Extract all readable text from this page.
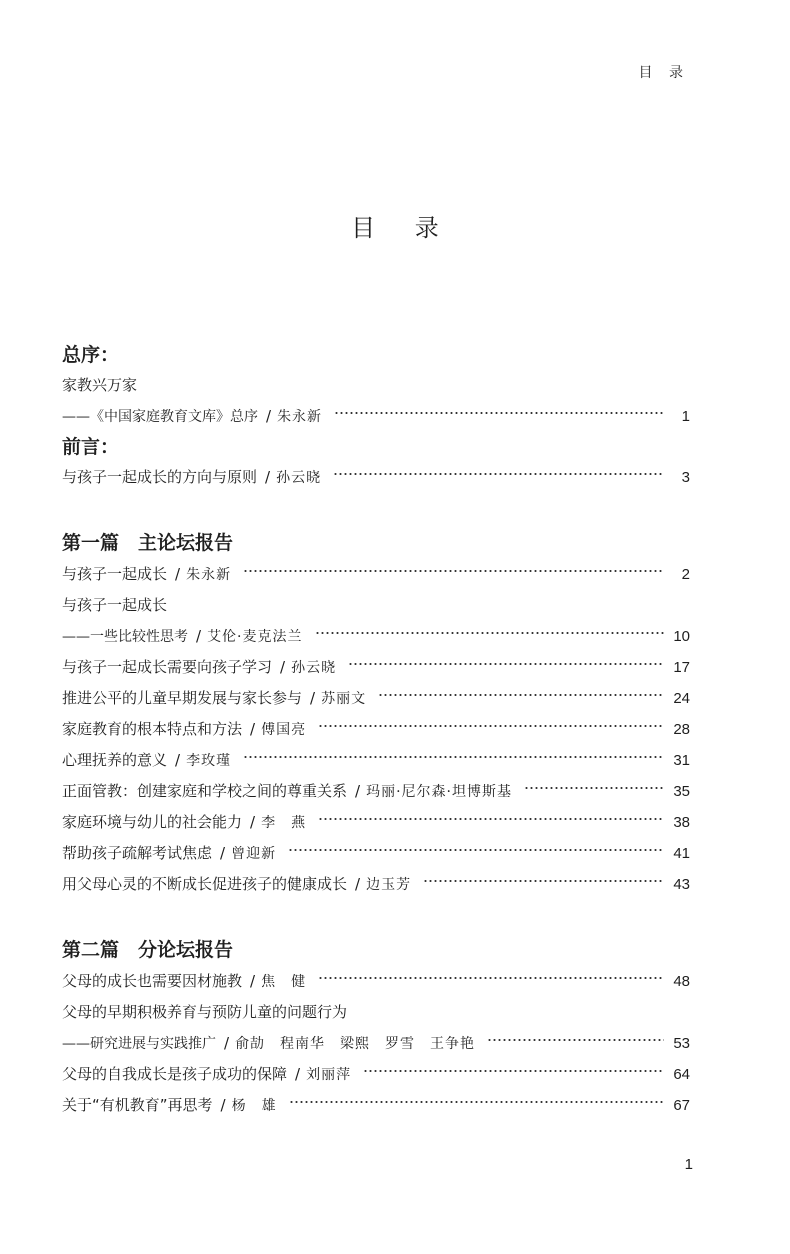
目 录
目 录
总序：
家教兴万家
——《中国家庭教育文库》总序 / 朱永新	1
前言：
与孩子一起成长的方向与原则 / 孙云晓	3
第一篇　主论坛报告
与孩子一起成长 / 朱永新	2
与孩子一起成长
——一些比较性思考 / 艾伦·麦克法兰	10
与孩子一起成长需要向孩子学习 / 孙云晓	17
推进公平的儿童早期发展与家长参与 / 苏丽文	24
家庭教育的根本特点和方法 / 傅国亮	28
心理抚养的意义 / 李玫瑾	31
正面管教：创建家庭和学校之间的尊重关系 / 玛丽·尼尔森·坦博斯基	35
家庭环境与幼儿的社会能力 / 李　燕	38
帮助孩子疏解考试焦虑 / 曾迎新	41
用父母心灵的不断成长促进孩子的健康成长 / 边玉芳	43
第二篇　分论坛报告
父母的成长也需要因材施教 / 焦　健	48
父母的早期积极养育与预防儿童的问题行为
——研究进展与实践推广 / 俞劼　程南华　梁熙　罗雪　王争艳	53
父母的自我成长是孩子成功的保障 / 刘丽萍	64
关于“有机教育”再思考 / 杨　雄	67
1
